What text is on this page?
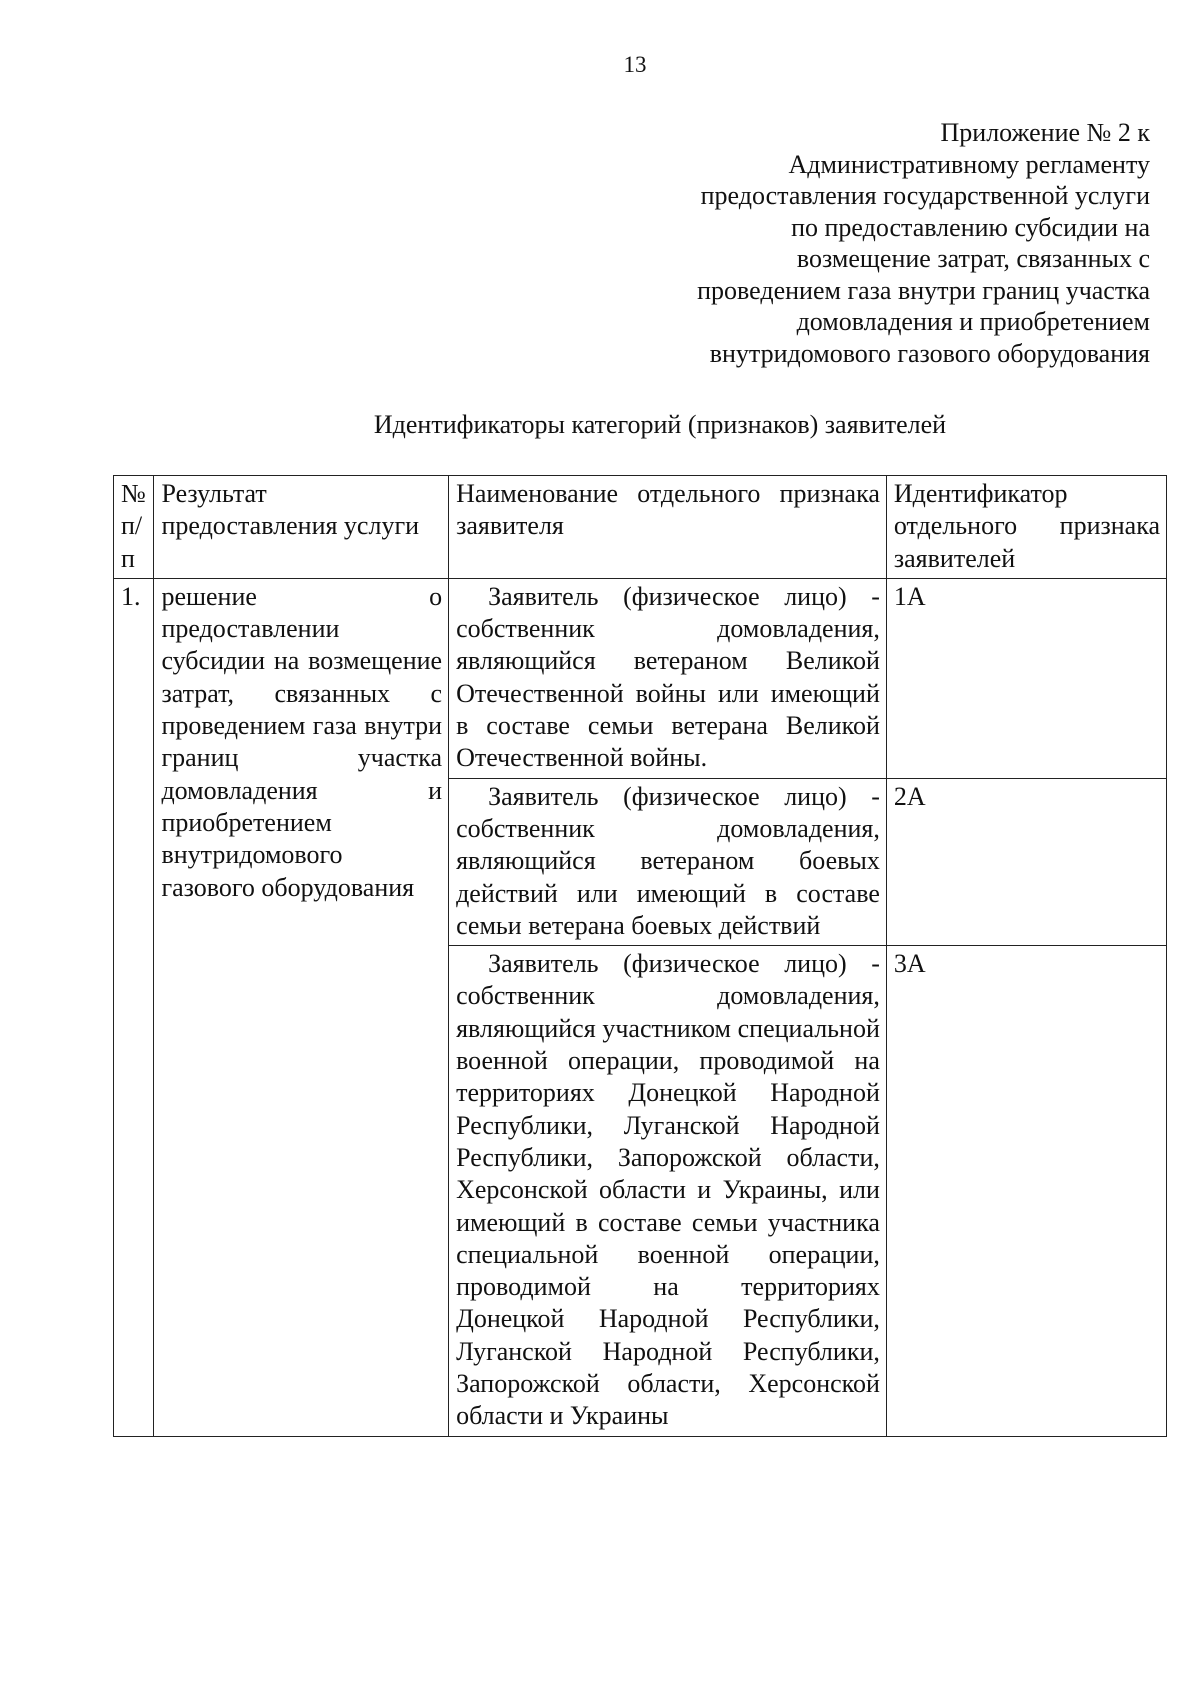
13
Приложение № 2 к
Административному регламенту
предоставления государственной услуги
по предоставлению субсидии на
возмещение затрат, связанных с
проведением газа внутри границ участка
домовладения и приобретением
внутридомового газового оборудования
Идентификаторы категорий (признаков) заявителей
№ п/п	Результат предоставления услуги	Наименование отдельного признака заявителя	Идентификатор отдельного признака заявителей
1.	решение о предоставлении субсидии на возмещение затрат, связанных с проведением газа внутри границ участка домовладения и приобретением внутридомового газового оборудования	Заявитель (физическое лицо) - собственник домовладения, являющийся ветераном Великой Отечественной войны или имеющий в составе семьи ветерана Великой Отечественной войны.	1А
		Заявитель (физическое лицо) - собственник домовладения, являющийся ветераном боевых действий или имеющий в составе семьи ветерана боевых действий	2А
		Заявитель (физическое лицо) - собственник домовладения, являющийся участником специальной военной операции, проводимой на территориях Донецкой Народной Республики, Луганской Народной Республики, Запорожской области, Херсонской области и Украины, или имеющий в составе семьи участника специальной военной операции, проводимой на территориях Донецкой Народной Республики, Луганской Народной Республики, Запорожской области, Херсонской области и Украины	3А
